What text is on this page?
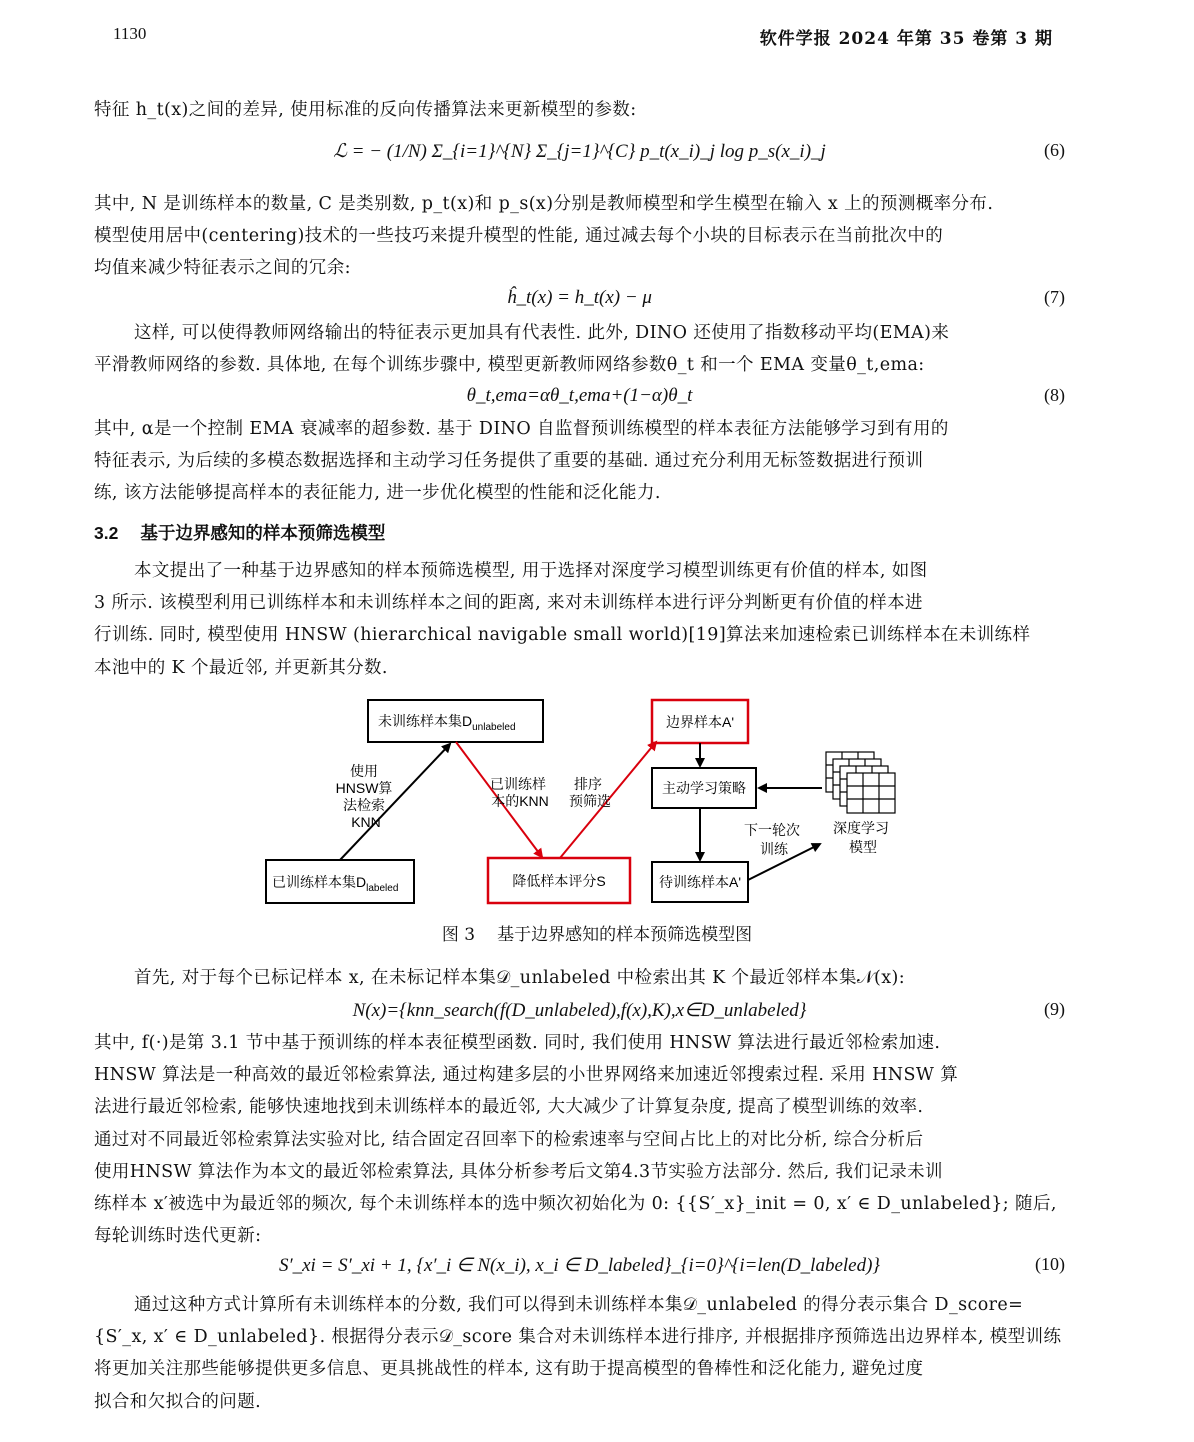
1130	软件学报 2024 年第 35 卷第 3 期
特征 h_t(x)之间的差异, 使用标准的反向传播算法来更新模型的参数:
ℒ = − (1/N) Σ_{i=1}^{N} Σ_{j=1}^{C} p_t(x_i)_j log p_s(x_i)_j	(6)
其中, N 是训练样本的数量, C 是类别数, p_t(x)和 p_s(x)分别是教师模型和学生模型在输入 x 上的预测概率分布.
模型使用居中(centering)技术的一些技巧来提升模型的性能, 通过减去每个小块的目标表示在当前批次中的
均值来减少特征表示之间的冗余:
ĥ_t(x) = h_t(x) − μ	(7)
这样, 可以使得教师网络输出的特征表示更加具有代表性. 此外, DINO 还使用了指数移动平均(EMA)来
平滑教师网络的参数. 具体地, 在每个训练步骤中, 模型更新教师网络参数θ_t 和一个 EMA 变量θ_t,ema:
θ_t,ema=αθ_t,ema+(1−α)θ_t	(8)
其中, α是一个控制 EMA 衰减率的超参数. 基于 DINO 自监督预训练模型的样本表征方法能够学习到有用的
特征表示, 为后续的多模态数据选择和主动学习任务提供了重要的基础. 通过充分利用无标签数据进行预训
练, 该方法能够提高样本的表征能力, 进一步优化模型的性能和泛化能力.
3.2 基于边界感知的样本预筛选模型
本文提出了一种基于边界感知的样本预筛选模型, 用于选择对深度学习模型训练更有价值的样本, 如图
3 所示. 该模型利用已训练样本和未训练样本之间的距离, 来对未训练样本进行评分判断更有价值的样本进
行训练. 同时, 模型使用 HNSW (hierarchical navigable small world)[19]算法来加速检索已训练样本在未训练样
本池中的 K 个最近邻, 并更新其分数.
未训练样本集$D_{unlabeled}$
已训练样本集$D_{labeled}$	降低样本评分S
边界样本A'
主动学习策略
待训练样本A'
使用 HNSW算 法检索 KNN
已训练样 本的KNN
排序 预筛选
下一轮次 训练
深度学习 模型
图 3 基于边界感知的样本预筛选模型图
首先, 对于每个已标记样本 x, 在未标记样本集𝒟_unlabeled 中检索出其 K 个最近邻样本集𝒩(x):
N(x)={knn_search(f(D_unlabeled),f(x),K),x∈D_unlabeled}	(9)
其中, f(·)是第 3.1 节中基于预训练的样本表征模型函数. 同时, 我们使用 HNSW 算法进行最近邻检索加速.
HNSW 算法是一种高效的最近邻检索算法, 通过构建多层的小世界网络来加速近邻搜索过程. 采用 HNSW 算
法进行最近邻检索, 能够快速地找到未训练样本的最近邻, 大大减少了计算复杂度, 提高了模型训练的效率.
通过对不同最近邻检索算法实验对比, 结合固定召回率下的检索速率与空间占比上的对比分析, 综合分析后
使用HNSW 算法作为本文的最近邻检索算法, 具体分析参考后文第4.3节实验方法部分. 然后, 我们记录未训
练样本 x′被选中为最近邻的频次, 每个未训练样本的选中频次初始化为 0: {{S′_x}_init = 0, x′ ∈ D_unlabeled}; 随后,
每轮训练时迭代更新:
S′_xi = S′_xi + 1, {x′_i ∈ N(x_i), x_i ∈ D_labeled}_{i=0}^{i=len(D_labeled)}	(10)
通过这种方式计算所有未训练样本的分数, 我们可以得到未训练样本集𝒟_unlabeled 的得分表示集合 D_score=
{S′_x, x′ ∈ D_unlabeled}. 根据得分表示𝒟_score 集合对未训练样本进行排序, 并根据排序预筛选出边界样本, 模型训练
将更加关注那些能够提供更多信息、更具挑战性的样本, 这有助于提高模型的鲁棒性和泛化能力, 避免过度
拟合和欠拟合的问题.
